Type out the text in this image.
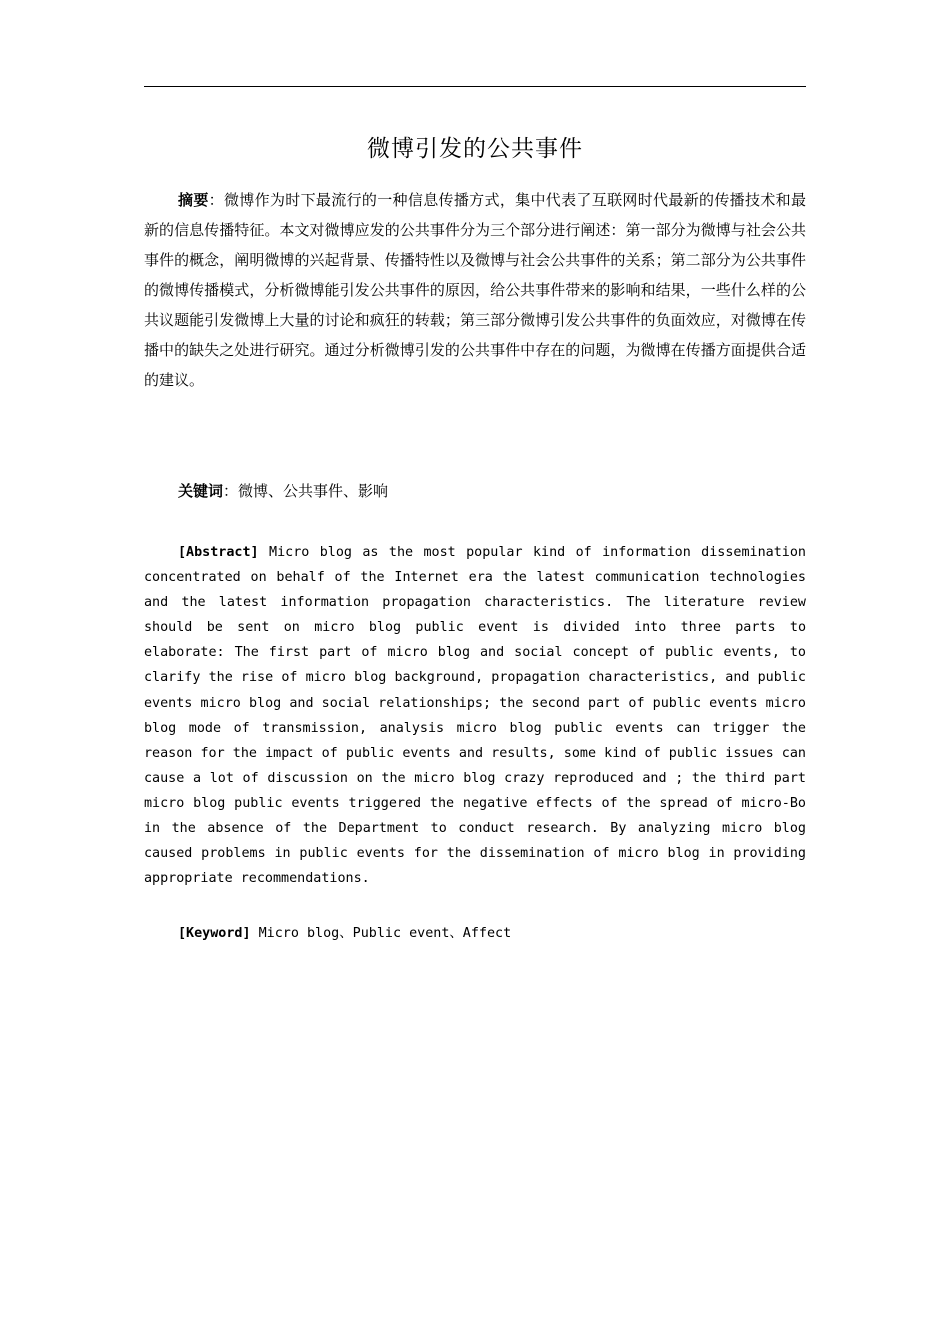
微博引发的公共事件

摘要：微博作为时下最流行的一种信息传播方式，集中代表了互联网时代最新的传播技术和最新的信息传播特征。本文对微博应发的公共事件分为三个部分进行阐述：第一部分为微博与社会公共事件的概念，阐明微博的兴起背景、传播特性以及微博与社会公共事件的关系；第二部分为公共事件的微博传播模式，分析微博能引发公共事件的原因，给公共事件带来的影响和结果，一些什么样的公共议题能引发微博上大量的讨论和疯狂的转载；第三部分微博引发公共事件的负面效应，对微博在传播中的缺失之处进行研究。通过分析微博引发的公共事件中存在的问题，为微博在传播方面提供合适的建议。

关键词：微博、公共事件、影响

[Abstract] Micro blog as the most popular kind of information dissemination concentrated on behalf of the Internet era the latest communication technologies and the latest information propagation characteristics. The literature review should be sent on micro blog public event is divided into three parts to elaborate: The first part of micro blog and social concept of public events, to clarify the rise of micro blog background, propagation characteristics, and public events micro blog and social relationships; the second part of public events micro blog mode of transmission, analysis micro blog public events can trigger the reason for the impact of public events and results, some kind of public issues can cause a lot of discussion on the micro blog crazy reproduced and ; the third part micro blog public events triggered the negative effects of the spread of micro-Bo in the absence of the Department to conduct research. By analyzing micro blog caused problems in public events for the dissemination of micro blog in providing appropriate recommendations.

[Keyword] Micro blog、Public event、Affect
